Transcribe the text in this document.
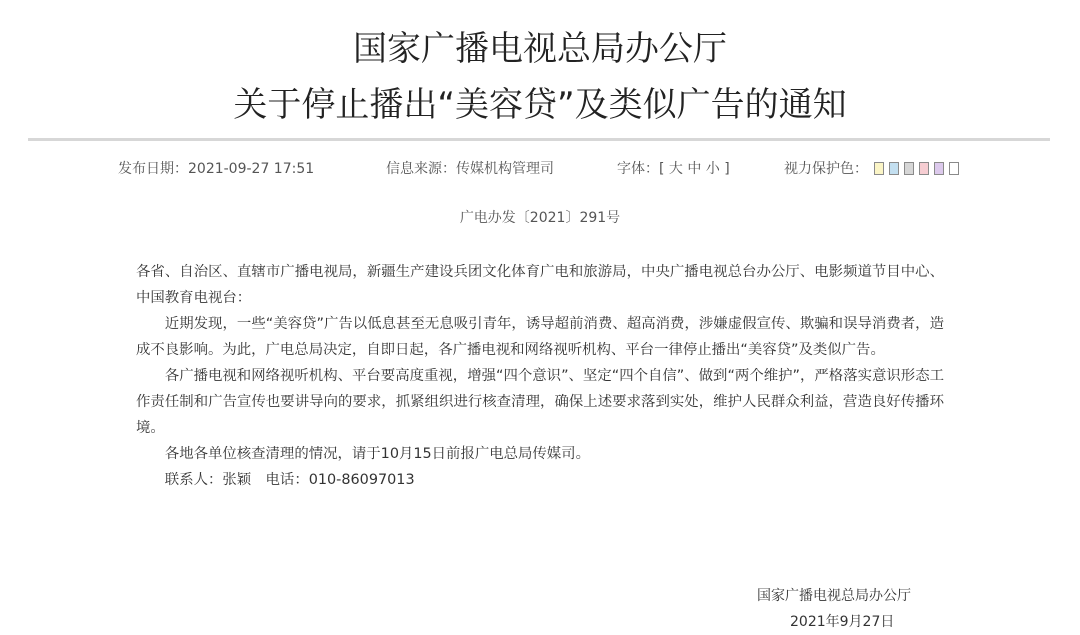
国家广播电视总局办公厅
关于停止播出“美容贷”及类似广告的通知
发布日期：2021-09-27 17:51	信息来源：传媒机构管理司	字体：[ 大 中 小 ]	视力保护色：
广电办发〔2021〕291号

各省、自治区、直辖市广播电视局，新疆生产建设兵团文化体育广电和旅游局，中央广播电视总台办公厅、电影频道节目中心、中国教育电视台：

近期发现，一些“美容贷”广告以低息甚至无息吸引青年，诱导超前消费、超高消费，涉嫌虚假宣传、欺骗和误导消费者，造成不良影响。为此，广电总局决定，自即日起，各广播电视和网络视听机构、平台一律停止播出“美容贷”及类似广告。

各广播电视和网络视听机构、平台要高度重视，增强“四个意识”、坚定“四个自信”、做到“两个维护”，严格落实意识形态工作责任制和广告宣传也要讲导向的要求，抓紧组织进行核查清理，确保上述要求落到实处，维护人民群众利益，营造良好传播环境。

各地各单位核查清理的情况，请于10月15日前报广电总局传媒司。

联系人：张颖　电话：010-86097013

国家广播电视总局办公厅
2021年9月27日
